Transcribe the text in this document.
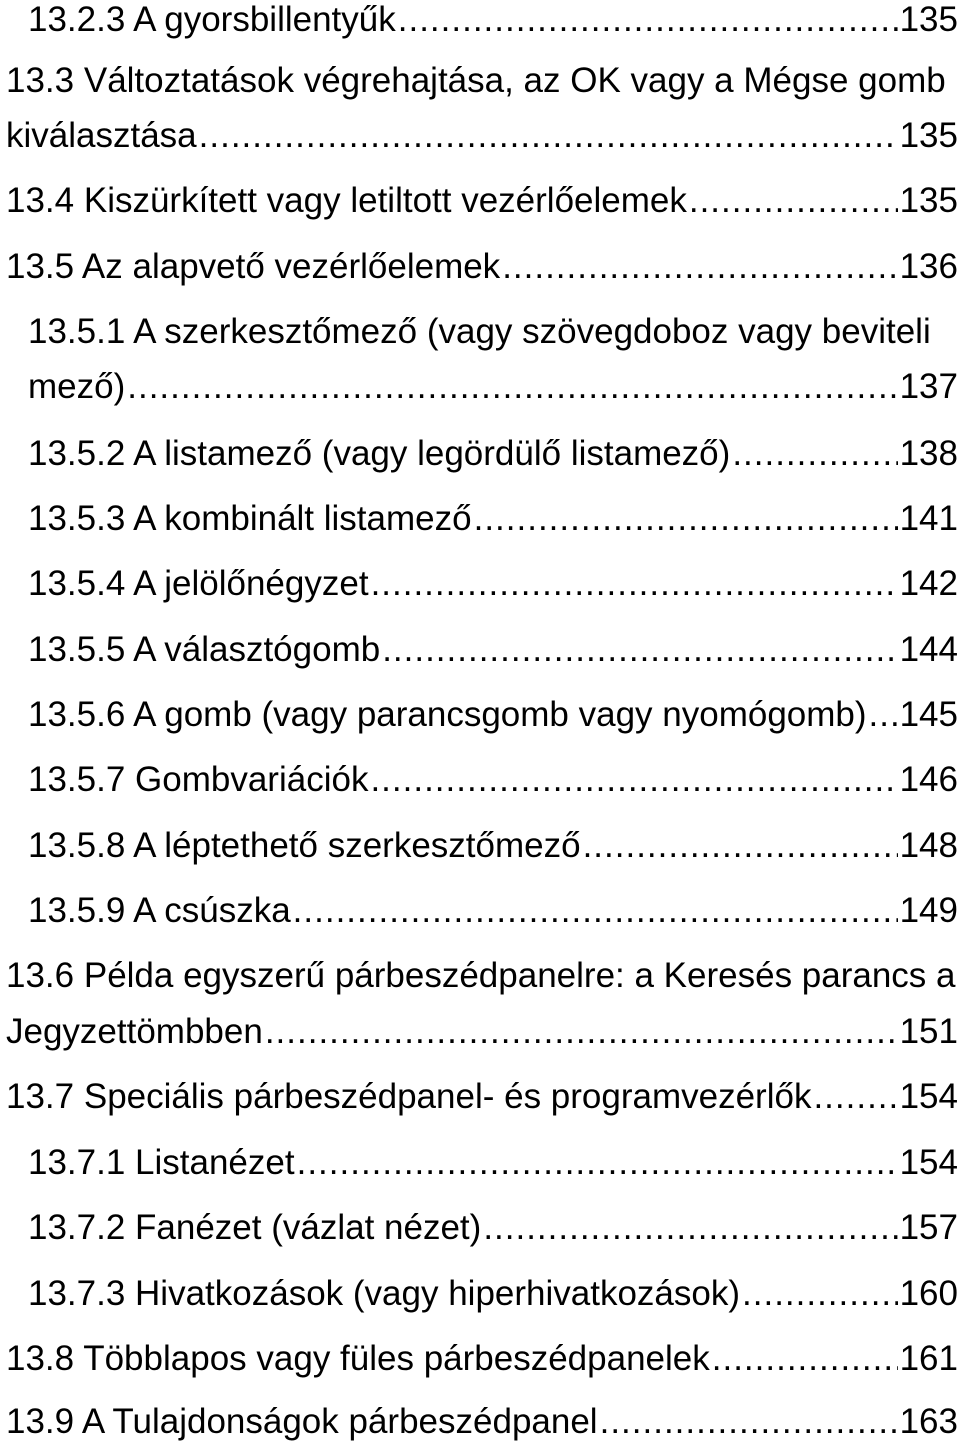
13.2.3 A gyorsbillentyűk .....	135
13.3 Változtatások végrehajtása, az OK vagy a Mégse gomb
kiválasztása .....	135
13.4 Kiszürkített vagy letiltott vezérlőelemek .....	135
13.5 Az alapvető vezérlőelemek .....	136
13.5.1 A szerkesztőmező (vagy szövegdoboz vagy beviteli
mező) .....	137
13.5.2 A listamező (vagy legördülő listamező) .....	138
13.5.3 A kombinált listamező .....	141
13.5.4 A jelölőnégyzet .....	142
13.5.5 A választógomb .....	144
13.5.6 A gomb (vagy parancsgomb vagy nyomógomb) ..... 145
13.5.7 Gombvariációk .....	146
13.5.8 A léptethető szerkesztőmező .....	148
13.5.9 A csúszka .....	149
13.6 Példa egyszerű párbeszédpanelre: a Keresés parancs a
Jegyzettömbben .....	151
13.7 Speciális párbeszédpanel- és programvezérlők .....	154
13.7.1 Listanézet .....	154
13.7.2 Fanézet (vázlat nézet) .....	157
13.7.3 Hivatkozások (vagy hiperhivatkozások) .....	160
13.8 Többlapos vagy füles párbeszédpanelek .....	161
13.9 A Tulajdonságok párbeszédpanel .....	163
